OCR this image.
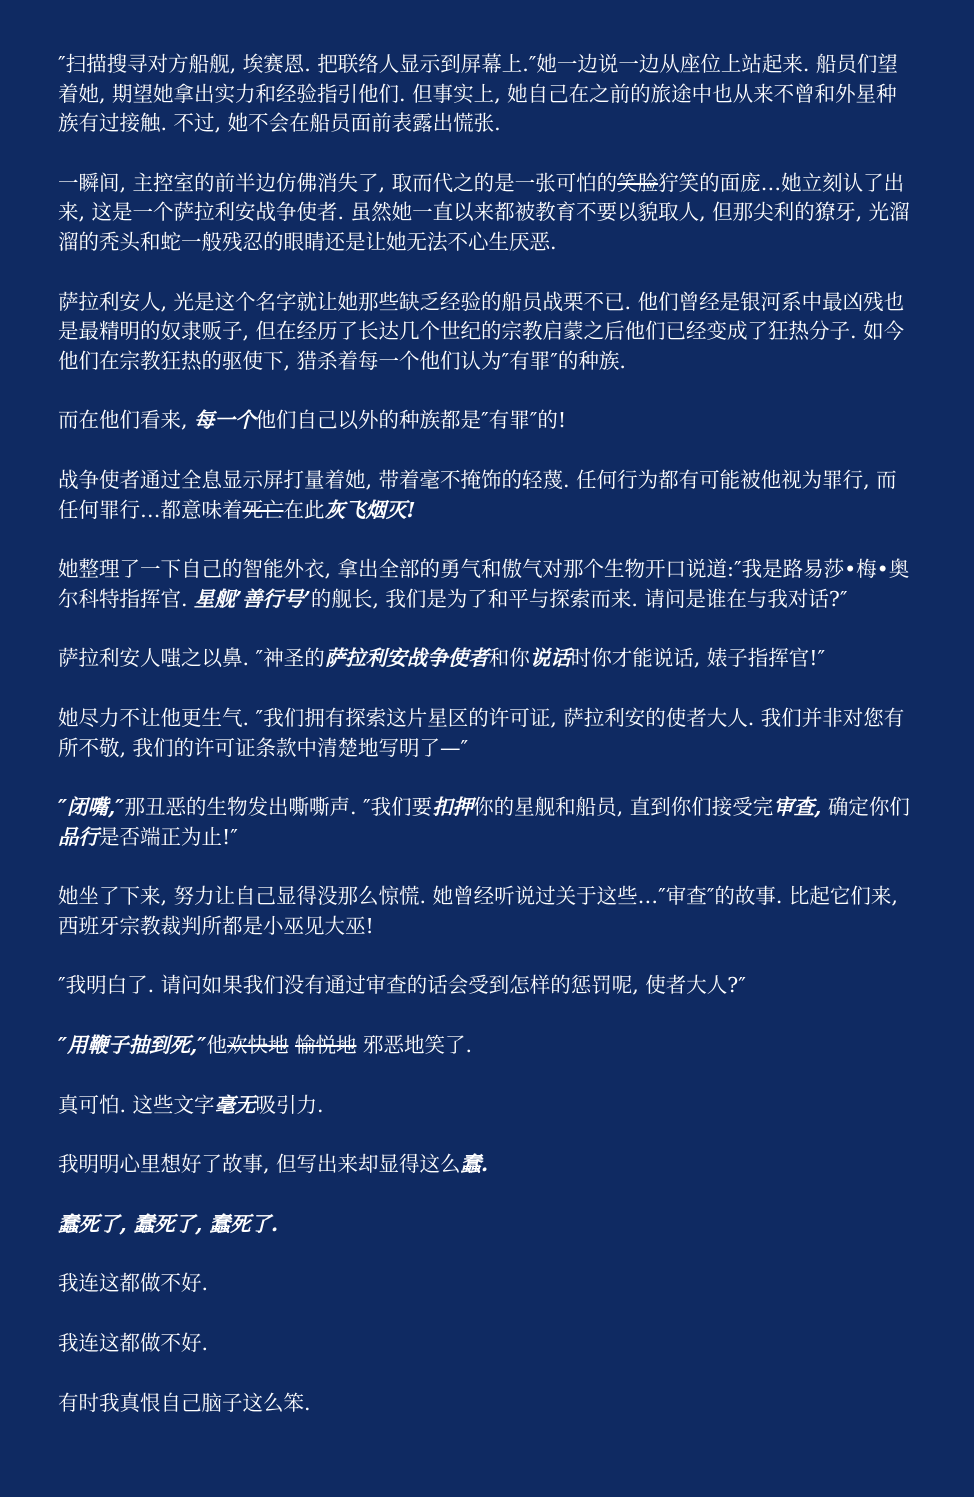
″扫描搜寻对方船舰, 埃赛恩. 把联络人显示到屏幕上.″她一边说一边从座位上站起来. 船员们望着她, 期望她拿出实力和经验指引他们. 但事实上, 她自己在之前的旅途中也从来不曾和外星种族有过接触. 不过, 她不会在船员面前表露出慌张.

一瞬间, 主控室的前半边仿佛消失了, 取而代之的是一张可怕的笑脸狞笑的面庞…她立刻认了出来, 这是一个萨拉利安战争使者. 虽然她一直以来都被教育不要以貌取人, 但那尖利的獠牙, 光溜溜的秃头和蛇一般残忍的眼睛还是让她无法不心生厌恶.

萨拉利安人, 光是这个名字就让她那些缺乏经验的船员战栗不已. 他们曾经是银河系中最凶残也是最精明的奴隶贩子, 但在经历了长达几个世纪的宗教启蒙之后他们已经变成了狂热分子. 如今他们在宗教狂热的驱使下, 猎杀着每一个他们认为″有罪″的种族.

而在他们看来, 每一个他们自己以外的种族都是″有罪″的!

战争使者通过全息显示屏打量着她, 带着毫不掩饰的轻蔑. 任何行为都有可能被他视为罪行, 而任何罪行…都意味着死亡在此灰飞烟灭!

她整理了一下自己的智能外衣, 拿出全部的勇气和傲气对那个生物开口说道:″我是路易莎•梅•奥尔科特指挥官. 星舰’善行号’的舰长, 我们是为了和平与探索而来. 请问是谁在与我对话?″

萨拉利安人嗤之以鼻. ″神圣的萨拉利安战争使者和你说话时你才能说话, 婊子指挥官!″

她尽力不让他更生气. ″我们拥有探索这片星区的许可证, 萨拉利安的使者大人. 我们并非对您有所不敬, 我们的许可证条款中清楚地写明了—″

″闭嘴,″那丑恶的生物发出嘶嘶声. ″我们要扣押你的星舰和船员, 直到你们接受完审查, 确定你们品行是否端正为止!″

她坐了下来, 努力让自己显得没那么惊慌. 她曾经听说过关于这些…″审查″的故事. 比起它们来, 西班牙宗教裁判所都是小巫见大巫!

″我明白了. 请问如果我们没有通过审查的话会受到怎样的惩罚呢, 使者大人?″

″用鞭子抽到死,″他欢快地 愉悦地 邪恶地笑了.

真可怕. 这些文字毫无吸引力.

我明明心里想好了故事, 但写出来却显得这么蠢.

蠢死了, 蠢死了, 蠢死了.

我连这都做不好.

我连这都做不好.

有时我真恨自己脑子这么笨.
